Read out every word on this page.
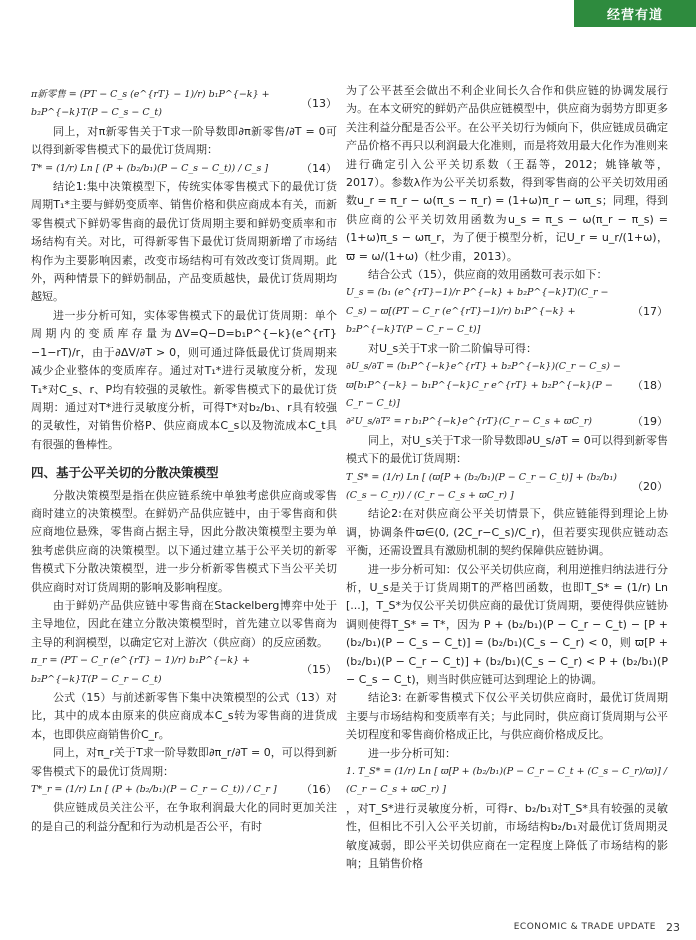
经营有道
π新零售 = (PT − C_s (e^{rT} − 1)/r) b₁P^{−k} + b₂P^{−k}T(P − C_s − C_t)
（13）

同上，对π新零售关于T求一阶导数即∂π新零售/∂T = 0可以得到新零售模式下的最优订货周期：

T* = (1/r) Ln [ (P + (b₂/b₁)(P − C_s − C_t)) / C_s ]	（14）

结论1:集中决策模型下，传统实体零售模式下的最优订货周期T₁*主要与鲜奶变质率、销售价格和供应商成本有关，而新零售模式下鲜奶零售商的最优订货周期主要和鲜奶变质率和市场结构有关。对比，可得新零售下最优订货周期新增了市场结构作为主要影响因素，改变市场结构可有效改变订货周期。此外，两种情景下的鲜奶制品，产品变质越快，最优订货周期均越短。

进一步分析可知，实体零售模式下的最优订货周期：单个周期内的变质库存量为ΔV=Q−D=b₁P^{−k}(e^{rT}−1−rT)/r，由于∂ΔV/∂T > 0，则可通过降低最优订货周期来减少企业整体的变质库存。通过对T₁*进行灵敏度分析，发现T₁*对C_s、r、P均有较强的灵敏性。新零售模式下的最优订货周期：通过对T*进行灵敏度分析，可得T*对b₂/b₁、r具有较强的灵敏性，对销售价格P、供应商成本C_s以及物流成本C_t具有很强的鲁棒性。

四、基于公平关切的分散决策模型

分散决策模型是指在供应链系统中单独考虑供应商或零售商时建立的决策模型。在鲜奶产品供应链中，由于零售商和供应商地位悬殊，零售商占据主导，因此分散决策模型主要为单独考虑供应商的决策模型。以下通过建立基于公平关切的新零售模式下分散决策模型，进一步分析新零售模式下当公平关切供应商时对订货周期的影响及影响程度。

由于鲜奶产品供应链中零售商在Stackelberg博弈中处于主导地位，因此在建立分散决策模型时，首先建立以零售商为主导的利润模型，以确定它对上游次（供应商）的反应函数。

π_r = (PT − C_r (e^{rT} − 1)/r) b₁P^{−k} + b₂P^{−k}T(P − C_r − C_t)
（15）

公式（15）与前述新零售下集中决策模型的公式（13）对比，其中的成本由原来的供应商成本C_s转为零售商的进货成本，也即供应商销售价C_r。

同上，对π_r关于T求一阶导数即∂π_r/∂T = 0，可以得到新零售模式下的最优订货周期：

T*_r = (1/r) Ln [ (P + (b₂/b₁)(P − C_r − C_t)) / C_r ] （16）

供应链成员关注公平，在争取利润最大化的同时更加关注的是自己的利益分配和行为动机是否公平，有时

为了公平甚至会做出不利企业间长久合作和供应链的协调发展行为。在本文研究的鲜奶产品供应链模型中，供应商为弱势方即更多关注利益分配是否公平。在公平关切行为倾向下，供应链成员确定产品价格不再只以利润最大化准则，而是将效用最大化作为准则来进行确定引入公平关切系数（王磊等，2012；姚锋敏等，2017）。参数λ作为公平关切系数，得到零售商的公平关切效用函数u_r = π_r − ω(π_s − π_r) = (1+ω)π_r − ωπ_s；同理，得到供应商的公平关切效用函数为u_s = π_s − ω(π_r − π_s) = (1+ω)π_s − ωπ_r，为了便于模型分析，记U_r = u_r/(1+ω)，ϖ = ω/(1+ω)（杜少甫，2013）。

结合公式（15），供应商的效用函数可表示如下：

U_s = (b₁ (e^{rT}−1)/r P^{−k} + b₂P^{−k}T)(C_r − C_s) − ϖ[(PT − C_r (e^{rT}−1)/r) b₁P^{−k} + b₂P^{−k}T(P − C_r − C_t)]
（17）

对U_s关于T求一阶二阶偏导可得：

∂U_s/∂T = (b₁P^{−k}e^{rT} + b₂P^{−k})(C_r − C_s) − ϖ[b₁P^{−k} − b₁P^{−k}C_r e^{rT} + b₂P^{−k}(P − C_r − C_t)]
（18）
∂²U_s/∂T² = r b₁P^{−k}e^{rT}(C_r − C_s + ϖC_r)	（19）

同上，对U_s关于T求一阶导数即∂U_s/∂T = 0可以得到新零售模式下的最优订货周期：

T_S* = (1/r) Ln [ (ϖ[P + (b₂/b₁)(P − C_r − C_t)] + (b₂/b₁)(C_s − C_r)) / (C_r − C_s + ϖC_r) ]
（20）

结论2:在对供应商公平关切情景下，供应链能得到理论上协调，协调条件ϖ∈(0, (2C_r−C_s)/C_r)，但若要实现供应链动态平衡，还需设置具有激励机制的契约保障供应链协调。

进一步分析可知：仅公平关切供应商，利用逆推归纳法进行分析，U_s是关于订货周期T的严格凹函数，也即T_S* = (1/r) Ln [...]，T_S*为仅公平关切供应商的最优订货周期，要使得供应链协调则使得T_S* = T*，因为 P + (b₂/b₁)(P − C_r − C_t) − [P + (b₂/b₁)(P − C_s − C_t)] = (b₂/b₁)(C_s − C_r) < 0，则 ϖ[P + (b₂/b₁)(P − C_r − C_t)] + (b₂/b₁)(C_s − C_r) < P + (b₂/b₁)(P − C_s − C_t)，则当时供应链可达到理论上的协调。

结论3: 在新零售模式下仅公平关切供应商时，最优订货周期主要与市场结构和变质率有关；与此同时，供应商订货周期与公平关切程度和零售商价格成正比，与供应商价格成反比。

进一步分析可知：

1. T_S* = (1/r) Ln [ ϖ[P + (b₂/b₁)(P − C_r − C_t + (C_s − C_r)/ϖ)] / (C_r − C_s + ϖC_r) ]

，对T_S*进行灵敏度分析，可得r、b₂/b₁对T_S*具有较强的灵敏性，但相比不引入公平关切前，市场结构b₂/b₁对最优订货周期灵敏度减弱，即公平关切供应商在一定程度上降低了市场结构的影响；且销售价格

ECONOMIC & TRADE UPDATE 23
